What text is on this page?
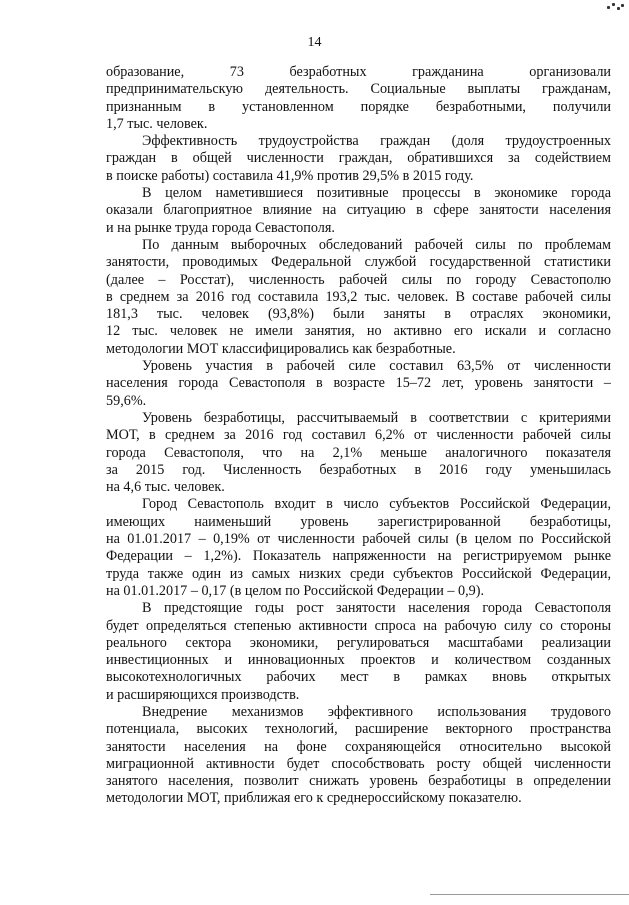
14

образование, 73 безработных гражданина организовали
предпринимательскую деятельность. Социальные выплаты гражданам,
признанным в установленном порядке безработными, получили
1,7 тыс. человек.
Эффективность трудоустройства граждан (доля трудоустроенных
граждан в общей численности граждан, обратившихся за содействием
в поиске работы) составила 41,9% против 29,5% в 2015 году.
В целом наметившиеся позитивные процессы в экономике города
оказали благоприятное влияние на ситуацию в сфере занятости населения
и на рынке труда города Севастополя.
По данным выборочных обследований рабочей силы по проблемам
занятости, проводимых Федеральной службой государственной статистики
(далее – Росстат), численность рабочей силы по городу Севастополю
в среднем за 2016 год составила 193,2 тыс. человек. В составе рабочей силы
181,3 тыс. человек (93,8%) были заняты в отраслях экономики,
12 тыс. человек не имели занятия, но активно его искали и согласно
методологии МОТ классифицировались как безработные.
Уровень участия в рабочей силе составил 63,5% от численности
населения города Севастополя в возрасте 15–72 лет, уровень занятости –
59,6%.
Уровень безработицы, рассчитываемый в соответствии с критериями
МОТ, в среднем за 2016 год составил 6,2% от численности рабочей силы
города Севастополя, что на 2,1% меньше аналогичного показателя
за 2015 год. Численность безработных в 2016 году уменьшилась
на 4,6 тыс. человек.
Город Севастополь входит в число субъектов Российской Федерации,
имеющих наименьший уровень зарегистрированной безработицы,
на 01.01.2017 – 0,19% от численности рабочей силы (в целом по Российской
Федерации – 1,2%). Показатель напряженности на регистрируемом рынке
труда также один из самых низких среди субъектов Российской Федерации,
на 01.01.2017 – 0,17 (в целом по Российской Федерации – 0,9).
В предстоящие годы рост занятости населения города Севастополя
будет определяться степенью активности спроса на рабочую силу со стороны
реального сектора экономики, регулироваться масштабами реализации
инвестиционных и инновационных проектов и количеством созданных
высокотехнологичных рабочих мест в рамках вновь открытых
и расширяющихся производств.
Внедрение механизмов эффективного использования трудового
потенциала, высоких технологий, расширение векторного пространства
занятости населения на фоне сохраняющейся относительно высокой
миграционной активности будет способствовать росту общей численности
занятого населения, позволит снижать уровень безработицы в определении
методологии МОТ, приближая его к среднероссийскому показателю.
